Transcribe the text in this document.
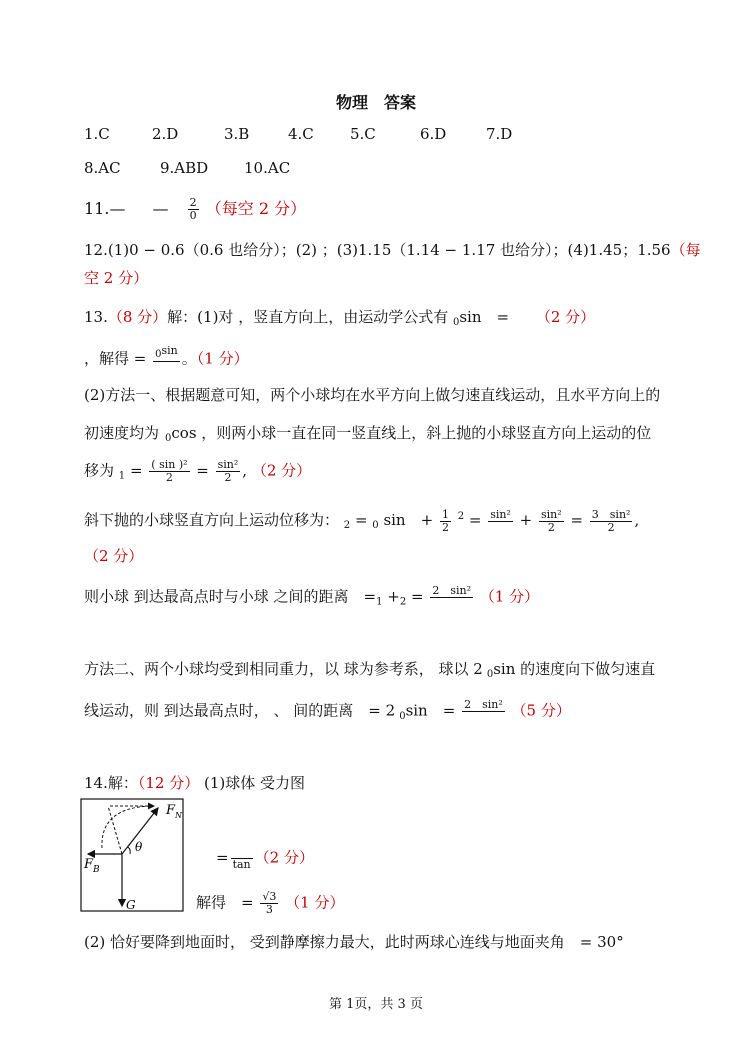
物理　答案
1.C	2.D	3.B	4.C 5.C	6.D	7.D
8.AC	9.ABD 10.AC
11.— — $\frac{2}{0}$ （每空 2 分）
12.(1)0 − 0.6（0.6 也给分）；(2) ；(3)1.15（1.14 − 1.17 也给分）；(4)1.45；1.56（每
空 2 分）
13.（8 分）解：(1)对 ，竖直方向上，由运动学公式有 $_0$sin　= （2 分）
，解得 = 0sin
。（1 分）
(2)方法一、根据题意可知，两个小球均在水平方向上做匀速直线运动，且水平方向上的
初速度均为 $_0$cos ，则两小球一直在同一竖直线上，斜上抛的小球竖直方向上运动的位
移为 $_1 = \frac{\text{( sin )²}}{2} = \frac{\text{sin²}}{2}$ , （2 分）
斜下抛的小球竖直方向上运动位移为： $_2$ = $_0$ sin　+ $\frac{1}{2} ^2 = \sin^2$
+ $\frac{\text{sin²}}{2} = \frac{\text{3　sin²}}{2}$ ,
（2 分）
则小球 到达最高点时与小球 之间的距离　$=_1 +_2 = 2$　sin²
（1 分）
方法二、两个小球均受到相同重力，以 球为参考系， 球以 2 $_0$sin 的速度向下做匀速直
线运动，则 到达最高点时， 、 间的距离　= 2 $_0$sin　= 2　sin²
（5 分）
14.解：（12 分） (1)球体 受力图
$F_N$
$F_B$
G
θ
=
tan （2 分）
解得　= $\frac{√3}{3} (1$ 分）
(2) 恰好要降到地面时， 受到静摩擦力最大，此时两球心连线与地面夹角　= 30°
第 1页，共 3 页
